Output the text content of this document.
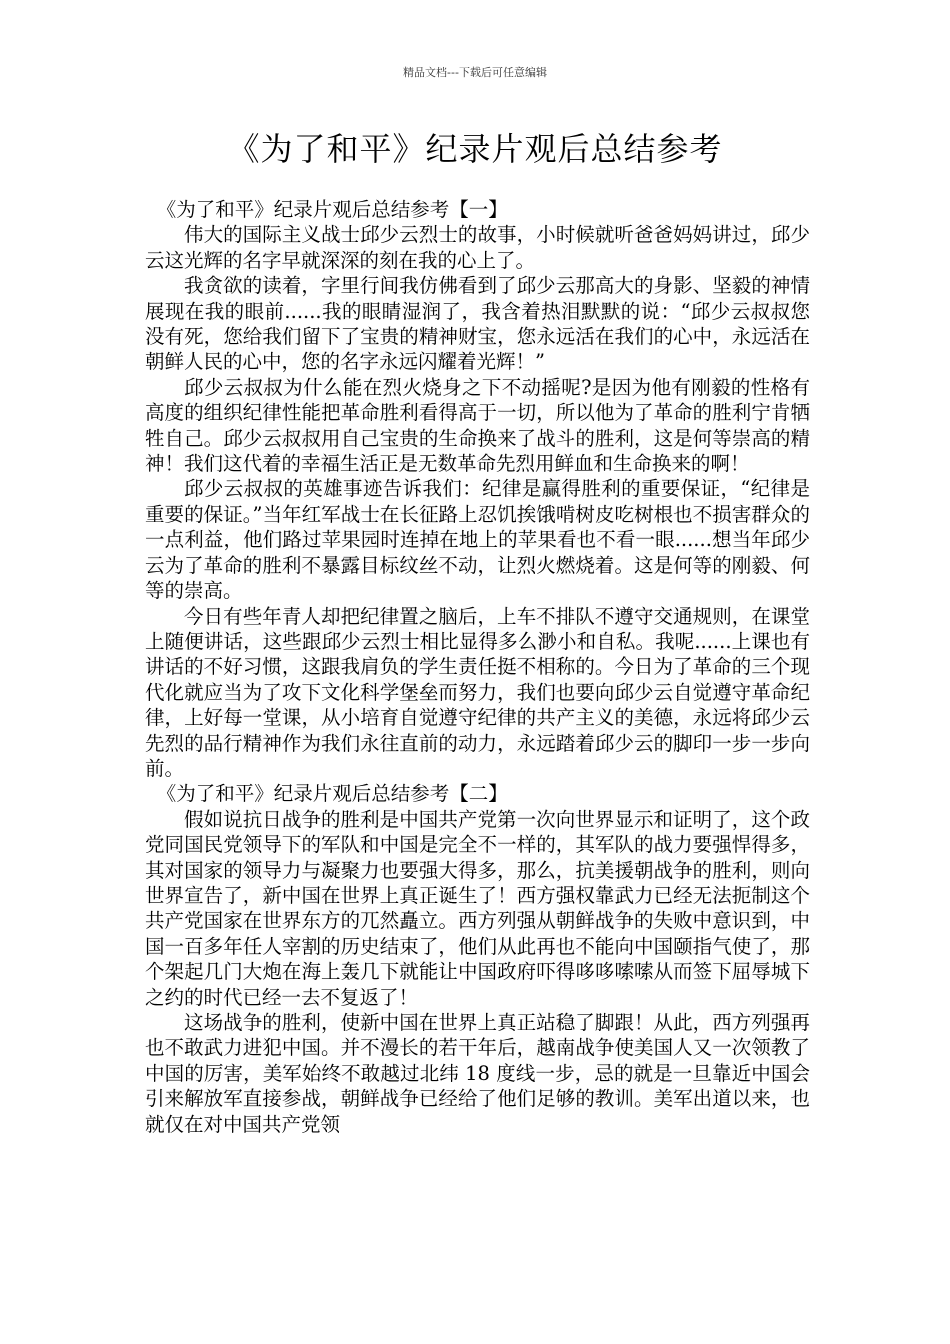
精品文档---下载后可任意编辑
《为了和平》纪录片观后总结参考

《为了和平》纪录片观后总结参考【一】

伟大的国际主义战士邱少云烈士的故事，小时候就听爸爸妈妈讲过，邱少云这光辉的名字早就深深的刻在我的心上了。

我贪欲的读着，字里行间我仿佛看到了邱少云那高大的身影、坚毅的神情展现在我的眼前......我的眼睛湿润了，我含着热泪默默的说：“邱少云叔叔您没有死，您给我们留下了宝贵的精神财宝，您永远活在我们的心中，永远活在朝鲜人民的心中，您的名字永远闪耀着光辉！”

邱少云叔叔为什么能在烈火烧身之下不动摇呢?是因为他有刚毅的性格有高度的组织纪律性能把革命胜利看得高于一切，所以他为了革命的胜利宁肯牺牲自己。邱少云叔叔用自己宝贵的生命换来了战斗的胜利，这是何等崇高的精神！我们这代着的幸福生活正是无数革命先烈用鲜血和生命换来的啊！

邱少云叔叔的英雄事迹告诉我们：纪律是赢得胜利的重要保证，“纪律是重要的保证。”当年红军战士在长征路上忍饥挨饿啃树皮吃树根也不损害群众的一点利益，他们路过苹果园时连掉在地上的苹果看也不看一眼......想当年邱少云为了革命的胜利不暴露目标纹丝不动，让烈火燃烧着。这是何等的刚毅、何等的崇高。

今日有些年青人却把纪律置之脑后，上车不排队不遵守交通规则，在课堂上随便讲话，这些跟邱少云烈士相比显得多么渺小和自私。我呢......上课也有讲话的不好习惯，这跟我肩负的学生责任挺不相称的。今日为了革命的三个现代化就应当为了攻下文化科学堡垒而努力，我们也要向邱少云自觉遵守革命纪律，上好每一堂课，从小培育自觉遵守纪律的共产主义的美德，永远将邱少云先烈的品行精神作为我们永往直前的动力，永远踏着邱少云的脚印一步一步向前。

《为了和平》纪录片观后总结参考【二】

假如说抗日战争的胜利是中国共产党第一次向世界显示和证明了，这个政党同国民党领导下的军队和中国是完全不一样的，其军队的战力要强悍得多，其对国家的领导力与凝聚力也要强大得多，那么，抗美援朝战争的胜利，则向世界宣告了，新中国在世界上真正诞生了！西方强权靠武力已经无法扼制这个共产党国家在世界东方的兀然矗立。西方列强从朝鲜战争的失败中意识到，中国一百多年任人宰割的历史结束了，他们从此再也不能向中国颐指气使了，那个架起几门大炮在海上轰几下就能让中国政府吓得哆哆嗦嗦从而签下屈辱城下之约的时代已经一去不复返了！

这场战争的胜利，使新中国在世界上真正站稳了脚跟！从此，西方列强再也不敢武力进犯中国。并不漫长的若干年后，越南战争使美国人又一次领教了中国的厉害，美军始终不敢越过北纬 18 度线一步，忌的就是一旦靠近中国会引来解放军直接参战，朝鲜战争已经给了他们足够的教训。美军出道以来，也就仅在对中国共产党领
